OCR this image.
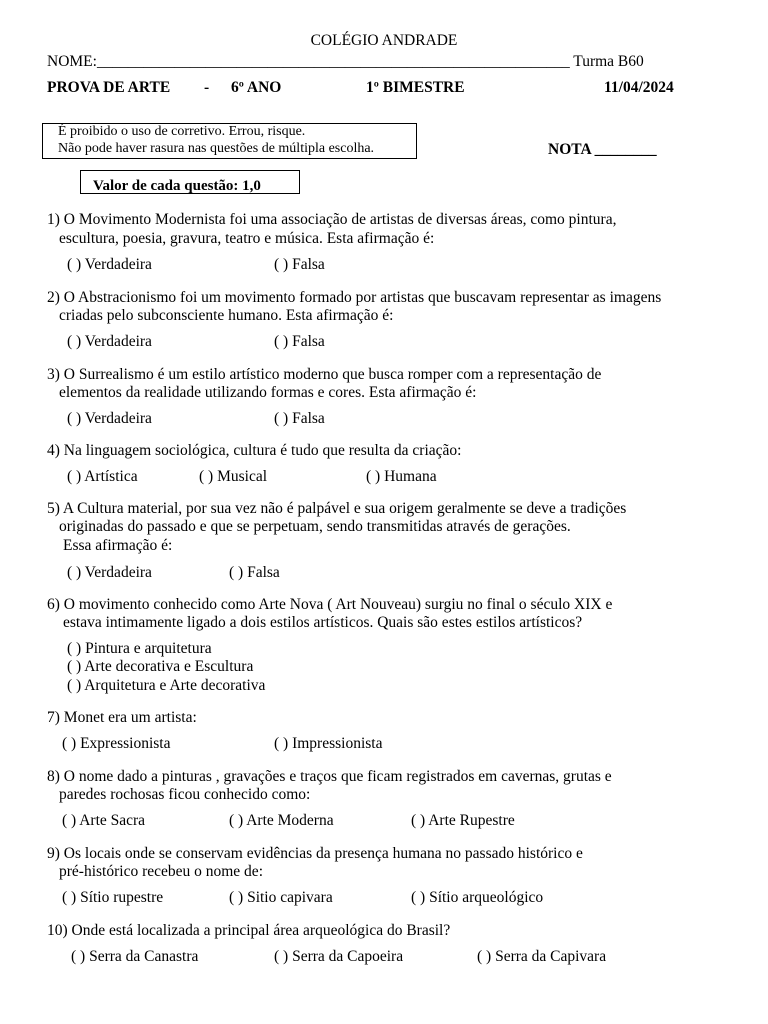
COLÉGIO ANDRADE
NOME:_____________________________________________________________ Turma B60
PROVA DE ARTE - 6º ANO	1º BIMESTRE	11/04/2024
É proibido o uso de corretivo. Errou, risque.
Não pode haver rasura nas questões de múltipla escolha.	NOTA ________
Valor de cada questão: 1,0
1) O Movimento Modernista foi uma associação de artistas de diversas áreas, como pintura,
escultura, poesia, gravura, teatro e música. Esta afirmação é:
( ) Verdadeira	( ) Falsa
2) O Abstracionismo foi um movimento formado por artistas que buscavam representar as imagens
criadas pelo subconsciente humano. Esta afirmação é:
( ) Verdadeira	( ) Falsa
3) O Surrealismo é um estilo artístico moderno que busca romper com a representação de
elementos da realidade utilizando formas e cores. Esta afirmação é:
( ) Verdadeira	( ) Falsa
4) Na linguagem sociológica, cultura é tudo que resulta da criação:
( ) Artística	( ) Musical	( ) Humana
5) A Cultura material, por sua vez não é palpável e sua origem geralmente se deve a tradições
originadas do passado e que se perpetuam, sendo transmitidas através de gerações.
Essa afirmação é:
( ) Verdadeira	( ) Falsa
6) O movimento conhecido como Arte Nova ( Art Nouveau) surgiu no final o século XIX e
estava intimamente ligado a dois estilos artísticos. Quais são estes estilos artísticos?
( ) Pintura e arquitetura
( ) Arte decorativa e Escultura
( ) Arquitetura e Arte decorativa
7) Monet era um artista:
( ) Expressionista	( ) Impressionista
8) O nome dado a pinturas , gravações e traços que ficam registrados em cavernas, grutas e
paredes rochosas ficou conhecido como:
( ) Arte Sacra	( ) Arte Moderna	( ) Arte Rupestre
9) Os locais onde se conservam evidências da presença humana no passado histórico e
pré-histórico recebeu o nome de:
( ) Sítio rupestre	( ) Sitio capivara	( ) Sítio arqueológico
10) Onde está localizada a principal área arqueológica do Brasil?
( ) Serra da Canastra	( ) Serra da Capoeira	( ) Serra da Capivara
